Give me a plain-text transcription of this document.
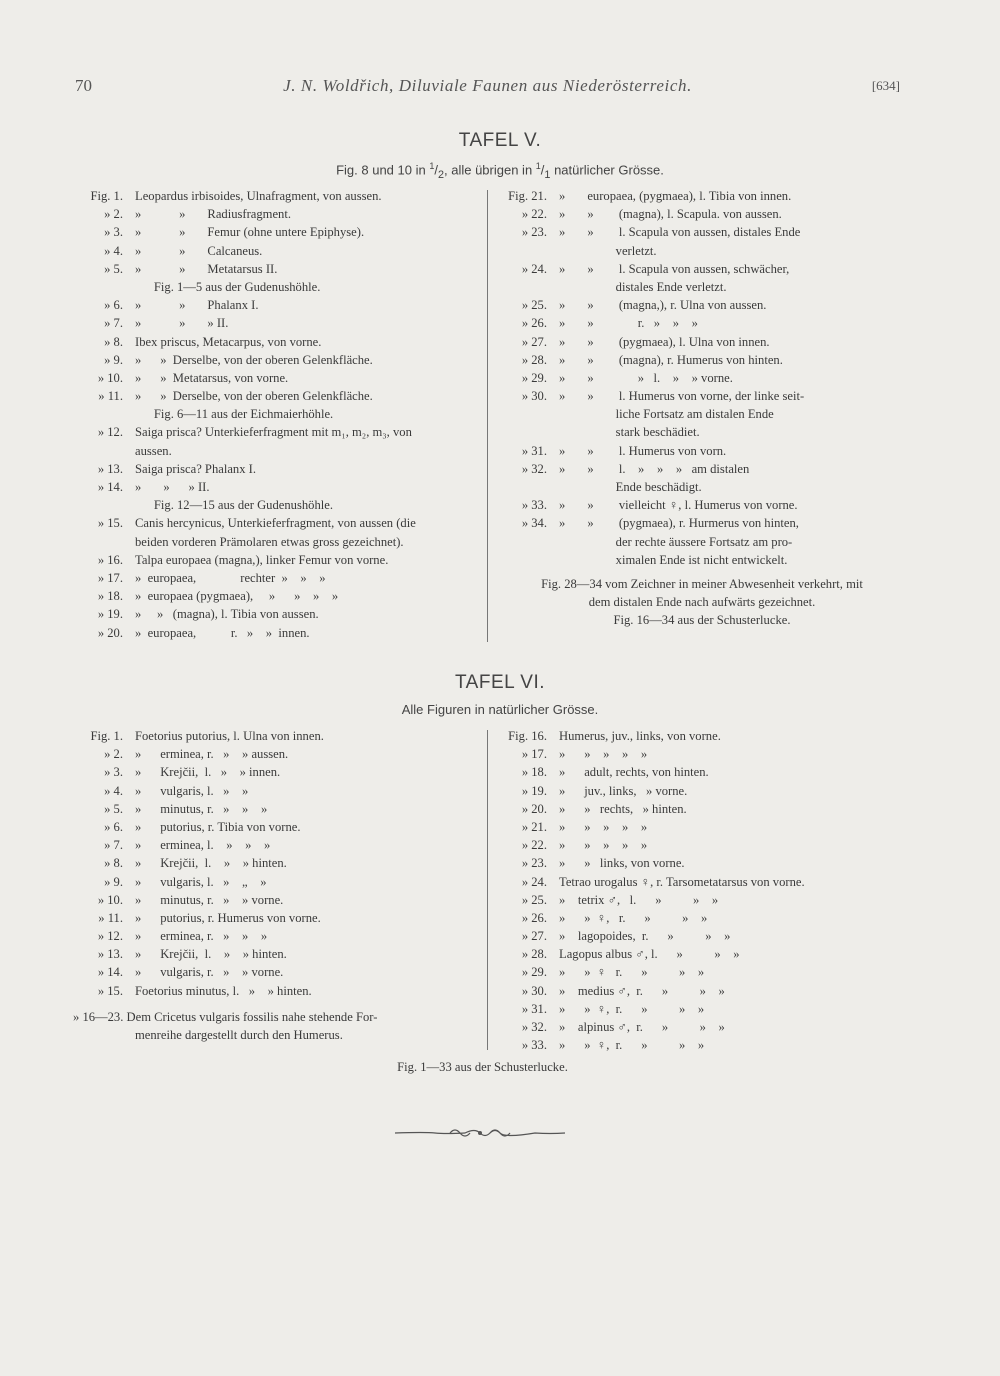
70	J. N. Woldřich, Diluviale Faunen aus Niederösterreich.	[634]
TAFEL V.
Fig. 8 und 10 in $^1/_2$, alle übrigen in $^1/_1$ natürlicher Grösse.
Fig. 1. Leopardus irbisoides, Ulnafragment, von aussen.
» 2. »            »       Radiusfragment.
» 3. »            »       Femur (ohne untere Epiphyse).
» 4. »            »       Calcaneus.
» 5. »            »       Metatarsus II.
Fig. 1—5 aus der Gudenushöhle.
» 6. »            »       Phalanx I.
» 7. »            »       » II.
» 8. Ibex priscus, Metacarpus, von vorne.
» 9. »      »  Derselbe, von der oberen Gelenkfläche.
» 10. »      »  Metatarsus, von vorne.
» 11. »      »  Derselbe, von der oberen Gelenkfläche.
Fig. 6—11 aus der Eichmaierhöhle.
» 12. Saiga prisca? Unterkieferfragment mit m₁, m₂, m₃, von
aussen.
» 13. Saiga prisca? Phalanx I.
» 14. »       »      » II.
Fig. 12—15 aus der Gudenushöhle.
» 15. Canis hercynicus, Unterkieferfragment, von aussen (die
beiden vorderen Prämolaren etwas gross gezeichnet).
» 16. Talpa europaea (magna,), linker Femur von vorne.
» 17. »  europaea,              rechter  »    »    »
» 18. »  europaea (pygmaea),     »      »    »    »
» 19. »     »   (magna), l. Tibia von aussen.
» 20. »  europaea,           r.   »    »  innen.
Fig. 21. »       europaea, (pygmaea), l. Tibia von innen.
» 22. »       »        (magna), l. Scapula. von aussen.
» 23. »       »        l. Scapula von aussen, distales Ende
verletzt.
» 24. »       »        l. Scapula von aussen, schwächer,
distales Ende verletzt.
» 25. »       »        (magna,), r. Ulna von aussen.
» 26. »       »              r.   »    »    »
» 27. »       »        (pygmaea), l. Ulna von innen.
» 28. »       »        (magna), r. Humerus von hinten.
» 29. »       »              »   l.    »    » vorne.
» 30. »       »        l. Humerus von vorne, der linke seit-
liche Fortsatz am distalen Ende
stark beschädiet.
» 31. »       »        l. Humerus von vorn.
» 32. »       »        l.    »    »    »   am distalen
Ende beschädigt.
» 33. »       »        vielleicht ♀, l. Humerus von vorne.
» 34. »       »        (pygmaea), r. Hurmerus von hinten,
der rechte äussere Fortsatz am pro-
ximalen Ende ist nicht entwickelt.
Fig. 28—34 vom Zeichner in meiner Abwesenheit verkehrt, mit
dem distalen Ende nach aufwärts gezeichnet.
Fig. 16—34 aus der Schusterlucke.
TAFEL VI.
Alle Figuren in natürlicher Grösse.
Fig. 1. Foetorius putorius, l. Ulna von innen.
» 2. »      erminea, r.   »    » aussen.
» 3. »      Krejčii,  l.   »    » innen.
» 4. »      vulgaris, l.   »    »
» 5. »      minutus, r.   »    »    »
» 6. »      putorius, r. Tibia von vorne.
» 7. »      erminea, l.    »    »    »
» 8. »      Krejčii,  l.    »    » hinten.
» 9. »      vulgaris, l.   »    „    »
» 10. »      minutus, r.   »    » vorne.
» 11. »      putorius, r. Humerus von vorne.
» 12. »      erminea, r.   »    »    »
» 13. »      Krejčii,  l.    »    » hinten.
» 14. »      vulgaris, r.   »    » vorne.
» 15. Foetorius minutus, l.   »    » hinten.
Fig. 16. Humerus, juv., links, von vorne.
» 17. »      »    »    »    »
» 18. »      adult, rechts, von hinten.
» 19. »      juv., links,   » vorne.
» 20. »      »   rechts,   » hinten.
» 21. »      »    »    »    »
» 22. »      »    »    »    »
» 23. »      »   links, von vorne.
» 24. Tetrao urogalus ♀, r. Tarsometatarsus von vorne.
» 25. »    tetrix ♂,   l.      »          »    »
» 26. »      »  ♀,   r.      »          »    »
» 27. »    lagopoides,  r.      »          »    »
» 28. Lagopus albus ♂, l.      »          »    »
» 29. »      »  ♀   r.      »          »    »
» 30. »    medius ♂,  r.      »          »    »
» 31. »      »  ♀,  r.      »          »    »
» 32. »    alpinus ♂,  r.      »          »    »
» 33. »      »  ♀,  r.      »          »    »
» 16—23. Dem Cricetus vulgaris fossilis nahe stehende For-
menreihe dargestellt durch den Humerus.
Fig. 1—33 aus der Schusterlucke.
